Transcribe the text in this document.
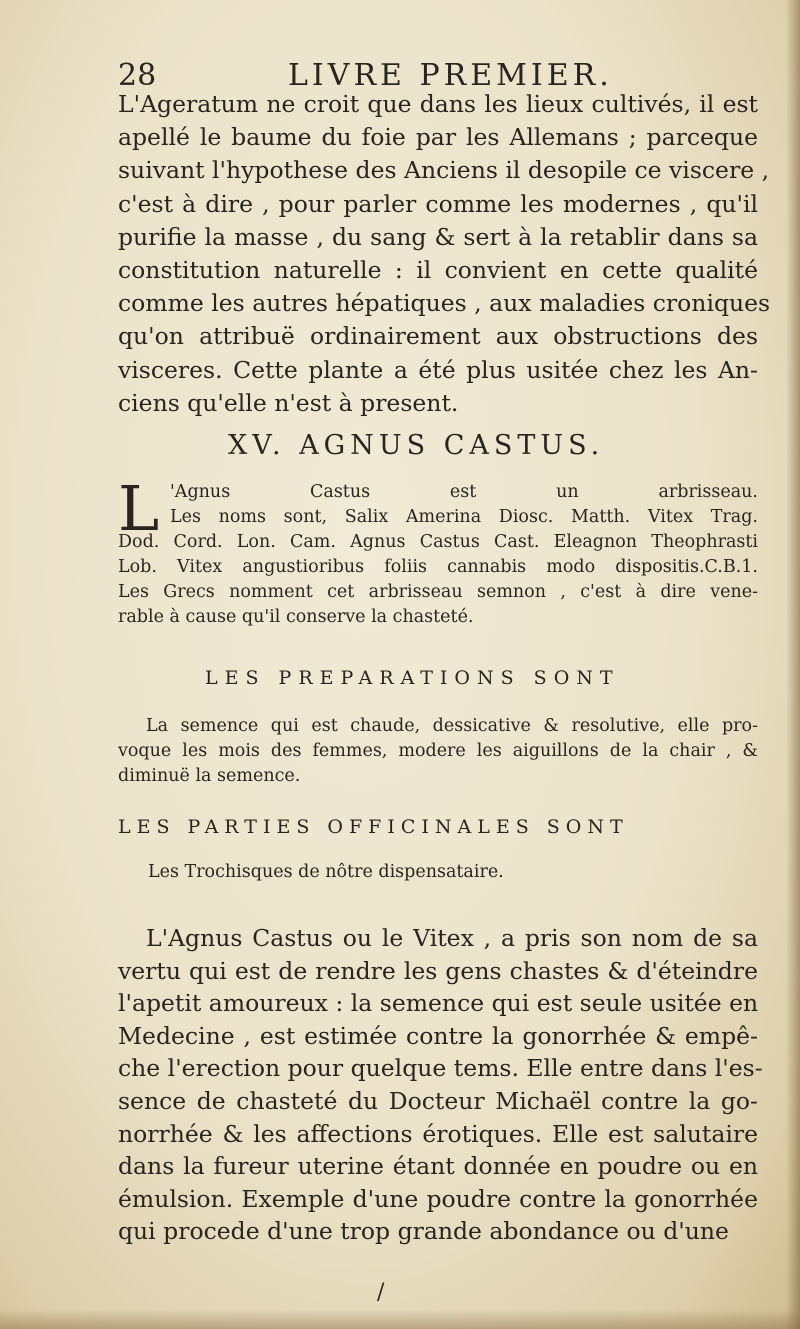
28	LIVRE PREMIER.
L'Ageratum ne croit que dans les lieux cultivés, il est
apellé le baume du foie par les Allemans ; parceque
suivant l'hypothese des Anciens il desopile ce viscere ,
c'est à dire , pour parler comme les modernes , qu'il
purifie la masse , du sang & sert à la retablir dans sa
constitution naturelle : il convient en cette qualité
comme les autres hépatiques , aux maladies croniques
qu'on attribuë ordinairement aux obstructions des
visceres. Cette plante a été plus usitée chez les An-
ciens qu'elle n'est à present.
XV. AGNUS CASTUS.
L 'Agnus Castus est un arbrisseau.
Les noms sont, Salix Amerina Diosc. Matth. Vitex Trag.
Dod. Cord. Lon. Cam. Agnus Castus Cast. Eleagnon Theophrasti
Lob. Vitex angustioribus foliis cannabis modo dispositis.C.B.1.
Les Grecs nomment cet arbrisseau semnon , c'est à dire vene-
rable à cause qu'il conserve la chasteté.
LES PREPARATIONS SONT
La semence qui est chaude, dessicative & resolutive, elle pro-
voque les mois des femmes, modere les aiguillons de la chair , &
diminuë la semence.
LES PARTIES OFFICINALES SONT
Les Trochisques de nôtre dispensataire.
L'Agnus Castus ou le Vitex , a pris son nom de sa
vertu qui est de rendre les gens chastes & d'éteindre
l'apetit amoureux : la semence qui est seule usitée en
Medecine , est estimée contre la gonorrhée & empê-
che l'erection pour quelque tems. Elle entre dans l'es-
sence de chasteté du Docteur Michaël contre la go-
norrhée & les affections érotiques. Elle est salutaire
dans la fureur uterine étant donnée en poudre ou en
émulsion. Exemple d'une poudre contre la gonorrhée
qui procede d'une trop grande abondance ou d'une
/
